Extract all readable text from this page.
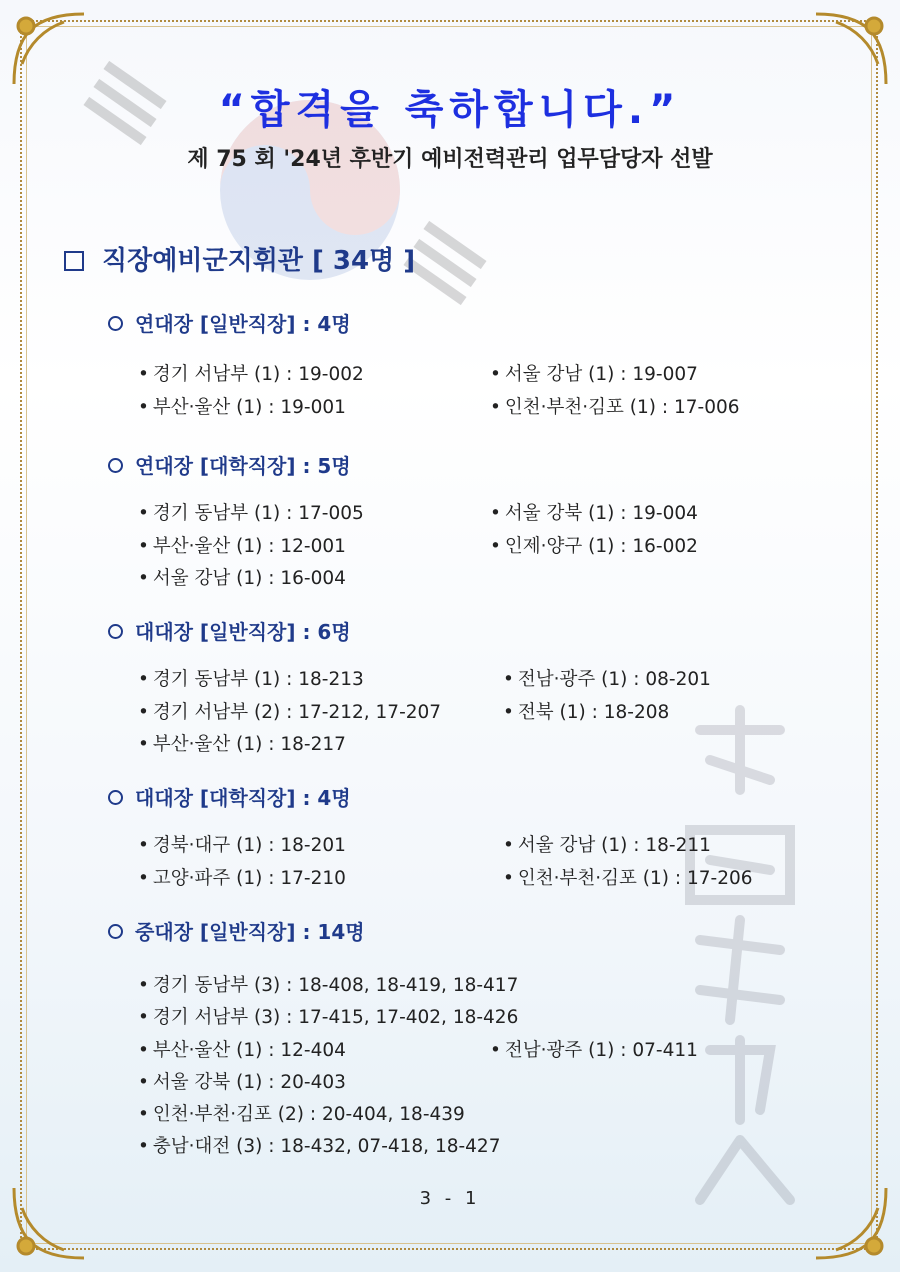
“합격을 축하합니다.”
제 75 회 '24년 후반기 예비전력관리 업무담당자 선발
직장예비군지휘관 [ 34명 ]
연대장 [일반직장] : 4명
• 경기 서남부 (1) : 19-002	• 서울 강남 (1) : 19-007
• 부산·울산 (1) : 19-001	• 인천·부천·김포 (1) : 17-006
연대장 [대학직장] : 5명
• 경기 동남부 (1) : 17-005	• 서울 강북 (1) : 19-004
• 부산·울산 (1) : 12-001	• 인제·양구 (1) : 16-002
• 서울 강남 (1) : 16-004
대대장 [일반직장] : 6명
• 경기 동남부 (1) : 18-213	• 전남·광주 (1) : 08-201
• 경기 서남부 (2) : 17-212, 17-207	• 전북 (1) : 18-208
• 부산·울산 (1) : 18-217
대대장 [대학직장] : 4명
• 경북·대구 (1) : 18-201	• 서울 강남 (1) : 18-211
• 고양·파주 (1) : 17-210	• 인천·부천·김포 (1) : 17-206
중대장 [일반직장] : 14명
• 경기 동남부 (3) : 18-408, 18-419, 18-417
• 경기 서남부 (3) : 17-415, 17-402, 18-426
• 부산·울산 (1) : 12-404	• 전남·광주 (1) : 07-411
• 서울 강북 (1) : 20-403
• 인천·부천·김포 (2) : 20-404, 18-439
• 충남·대전 (3) : 18-432, 07-418, 18-427
3 - 1
